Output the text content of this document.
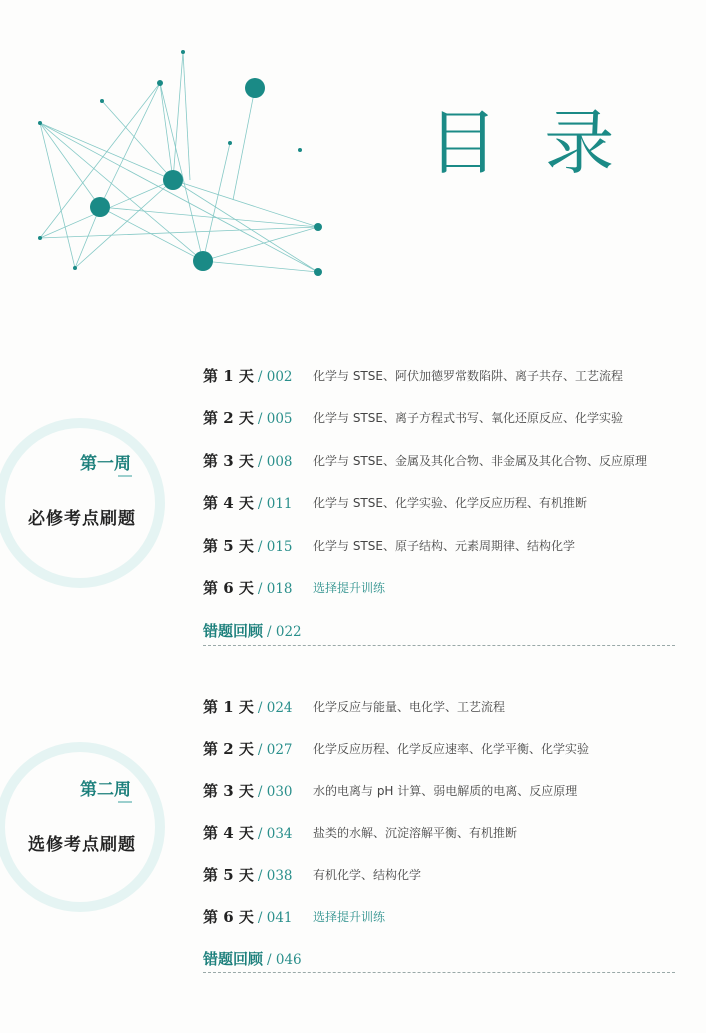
目 录
第一周
必修考点刷题
第 1 天 / 002 化学与 STSE、阿伏加德罗常数陷阱、离子共存、工艺流程
第 2 天 / 005 化学与 STSE、离子方程式书写、氧化还原反应、化学实验
第 3 天 / 008 化学与 STSE、金属及其化合物、非金属及其化合物、反应原理
第 4 天 / 011 化学与 STSE、化学实验、化学反应历程、有机推断
第 5 天 / 015 化学与 STSE、原子结构、元素周期律、结构化学
第 6 天 / 018 选择提升训练
错题回顾 / 022
第二周
选修考点刷题
第 1 天 / 024 化学反应与能量、电化学、工艺流程
第 2 天 / 027 化学反应历程、化学反应速率、化学平衡、化学实验
第 3 天 / 030 水的电离与 pH 计算、弱电解质的电离、反应原理
第 4 天 / 034 盐类的水解、沉淀溶解平衡、有机推断
第 5 天 / 038 有机化学、结构化学
第 6 天 / 041 选择提升训练
错题回顾 / 046
